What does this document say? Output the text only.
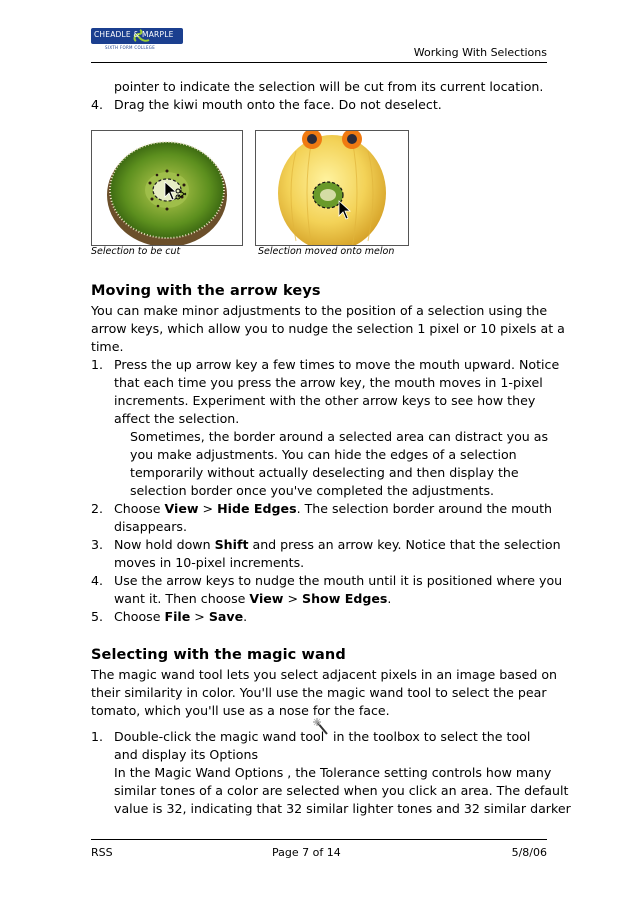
CHEADLE & MARPLE
SIXTH FORM COLLEGE	Working With Selections
pointer to indicate the selection will be cut from its current location.
4. Drag the kiwi mouth onto the face. Do not deselect.
Selection to be cut	Selection moved onto melon
Moving with the arrow keys
You can make minor adjustments to the position of a selection using the
arrow keys, which allow you to nudge the selection 1 pixel or 10 pixels at a
time.
1. Press the up arrow key a few times to move the mouth upward. Notice
that each time you press the arrow key, the mouth moves in 1-pixel
increments. Experiment with the other arrow keys to see how they
affect the selection.
Sometimes, the border around a selected area can distract you as
you make adjustments. You can hide the edges of a selection
temporarily without actually deselecting and then display the
selection border once you've completed the adjustments.
2. Choose View > Hide Edges. The selection border around the mouth
disappears.
3. Now hold down Shift and press an arrow key. Notice that the selection
moves in 10-pixel increments.
4. Use the arrow keys to nudge the mouth until it is positioned where you
want it. Then choose View > Show Edges.
5. Choose File > Save.
Selecting with the magic wand
The magic wand tool lets you select adjacent pixels in an image based on
their similarity in color. You'll use the magic wand tool to select the pear
tomato, which you'll use as a nose for the face.
1. Double-click the magic wand tool in the toolbox to select the tool
and display its Options
In the Magic Wand Options , the Tolerance setting controls how many
similar tones of a color are selected when you click an area. The default
value is 32, indicating that 32 similar lighter tones and 32 similar darker
RSS	Page 7 of 14	5/8/06
